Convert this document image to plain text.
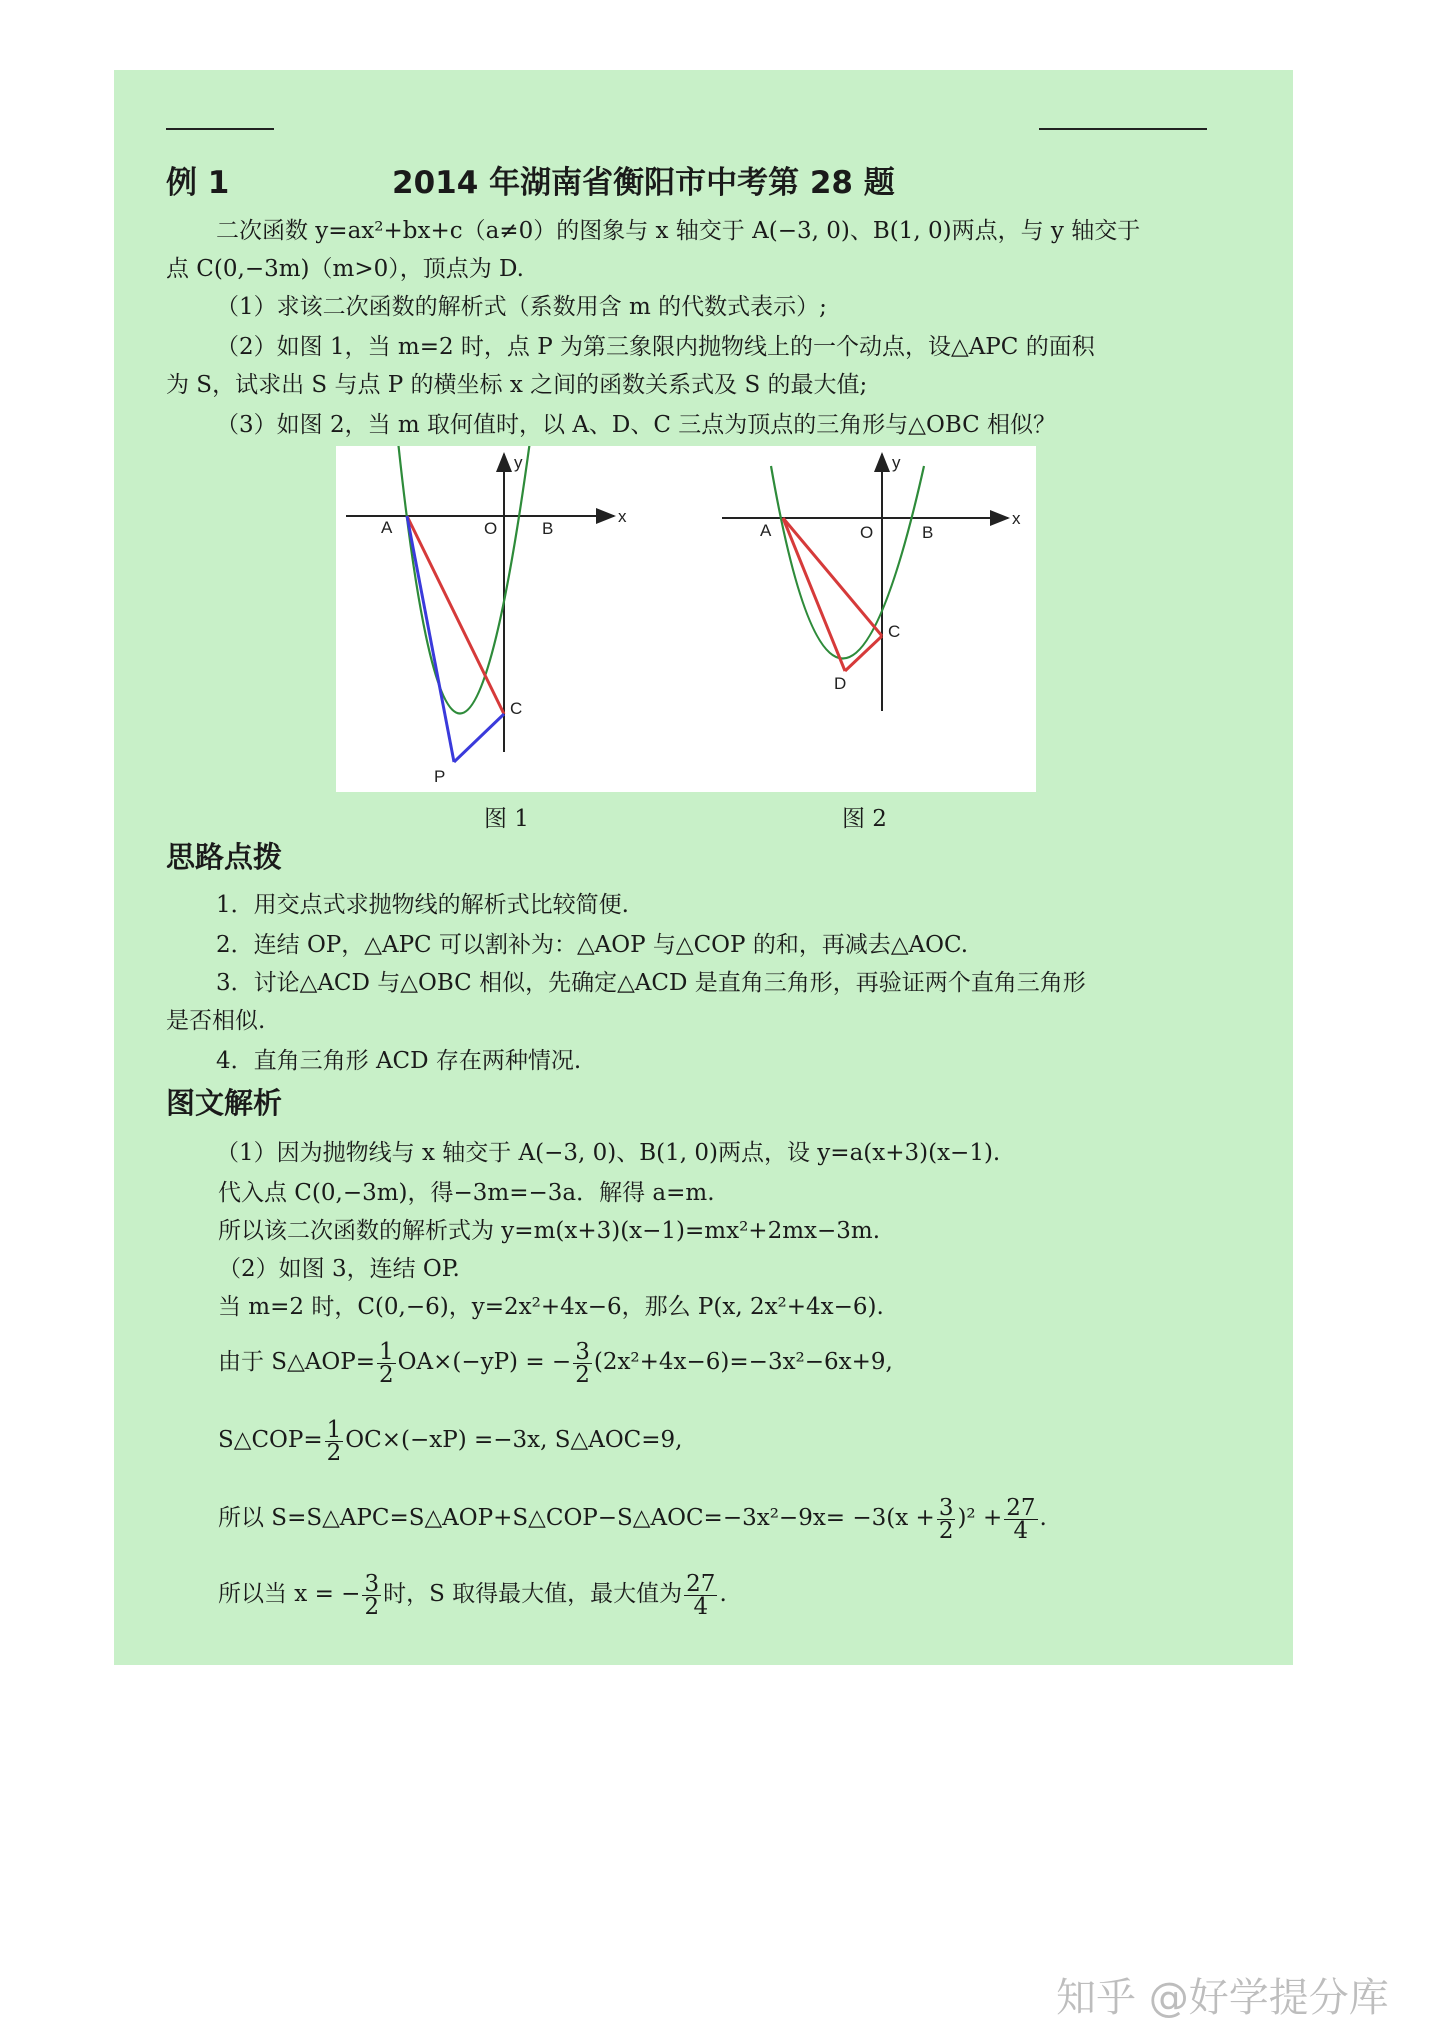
例 1	2014 年湖南省衡阳市中考第 28 题
二次函数 y=ax²+bx+c（a≠0）的图象与 x 轴交于 A(−3, 0)、B(1, 0)两点，与 y 轴交于
点 C(0,−3m)（m>0），顶点为 D.
（1）求该二次函数的解析式（系数用含 m 的代数式表示）;
（2）如图 1，当 m=2 时，点 P 为第三象限内抛物线上的一个动点，设△APC 的面积
为 S，试求出 S 与点 P 的横坐标 x 之间的函数关系式及 S 的最大值;
（3）如图 2，当 m 取何值时，以 A、D、C 三点为顶点的三角形与△OBC 相似？
y
x
A	O	B
C
P
y
x
A	O	B
C
D
图 1	图 2
思路点拨
1．用交点式求抛物线的解析式比较简便.
2．连结 OP，△APC 可以割补为：△AOP 与△COP 的和，再减去△AOC.
3．讨论△ACD 与△OBC 相似，先确定△ACD 是直角三角形，再验证两个直角三角形
是否相似.
4．直角三角形 ACD 存在两种情况.
图文解析
（1）因为抛物线与 x 轴交于 A(−3, 0)、B(1, 0)两点，设 y=a(x+3)(x−1).
代入点 C(0,−3m)，得−3m=−3a．解得 a=m.
所以该二次函数的解析式为 y=m(x+3)(x−1)=mx²+2mx−3m.
（2）如图 3，连结 OP.
当 m=2 时，C(0,−6)，y=2x²+4x−6，那么 P(x, 2x²+4x−6).
由于 S△AOP= $\frac{1}{2} OA\times(-yP)$ = − $\frac{3}{2} (2x^2+4x-6)=-3x^2-6x+9$,
S△COP= $\frac{1}{2} OC\times(-xP) =-3x$, S△AOC=9,
所以 S=S△APC=S△AOP+S△COP−S△AOC=−3x²−9x= $-3(x + \frac{3}{2} )^2 + \frac{27}{4}$ .
所以当 x = − $\frac{3}{2}$ 时，S 取得最大值，最大值为 $\frac{27}{4}$ .
知乎 @好学提分库
